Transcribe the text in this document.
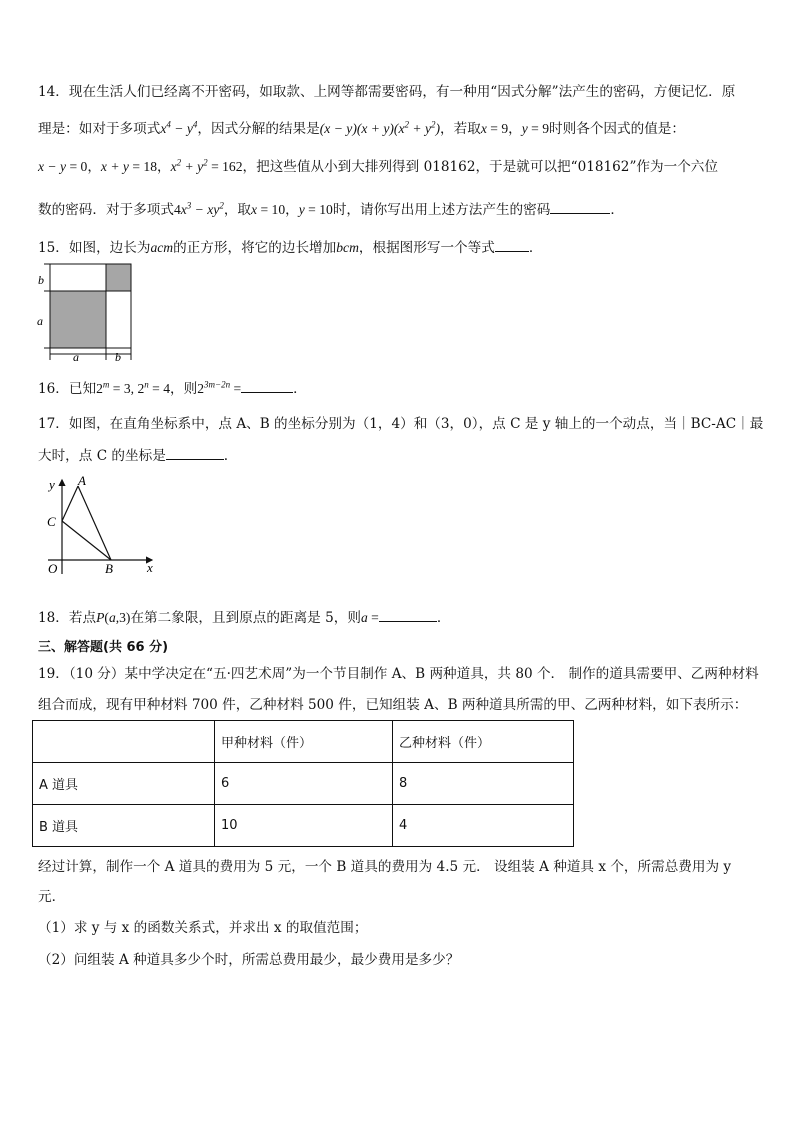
14．现在生活人们已经离不开密码，如取款、上网等都需要密码，有一种用“因式分解”法产生的密码，方便记忆．原
理是：如对于多项式$x^4 - y^4$，因式分解的结果是$(x - y)(x + y)(x^2 + y^2)$，若取x = 9，y = 9时则各个因式的值是：
x − y = 0，x + y = 18，$x^2 + y^2 = 162$，把这些值从小到大排列得到 018162，于是就可以把“018162”作为一个六位
数的密码．对于多项式$4x^3 - xy^2$，取x = 10，y = 10时，请你写出用上述方法产生的密码	．
15．如图，边长为acm的正方形，将它的边长增加bcm，根据图形写一个等式	．
b
a
a	b
16．已知$2^m = 3$, $2^n = 4$，则$2^{3m-2n}$ =	．
17．如图，在直角坐标系中，点 A、B 的坐标分别为（1，4）和（3，0），点 C 是 y 轴上的一个动点，当｜BC-AC｜最
大时，点 C 的坐标是	.
y
x
O
A
B
C
18．若点P(a,3)在第二象限，且到原点的距离是 5，则a =	．
三、解答题(共 66 分)
19．（10 分）某中学决定在“五·四艺术周”为一个节目制作 A、B 两种道具，共 80 个． 制作的道具需要甲、乙两种材料
组合而成，现有甲种材料 700 件，乙种材料 500 件，已知组装 A、B 两种道具所需的甲、乙两种材料，如下表所示：
	甲种材料（件）	乙种材料（件）
A 道具	6	8
B 道具	10	4
经过计算，制作一个 A 道具的费用为 5 元，一个 B 道具的费用为 4.5 元． 设组装 A 种道具 x 个，所需总费用为 y
元．
（1）求 y 与 x 的函数关系式，并求出 x 的取值范围；
（2）问组装 A 种道具多少个时，所需总费用最少，最少费用是多少？
